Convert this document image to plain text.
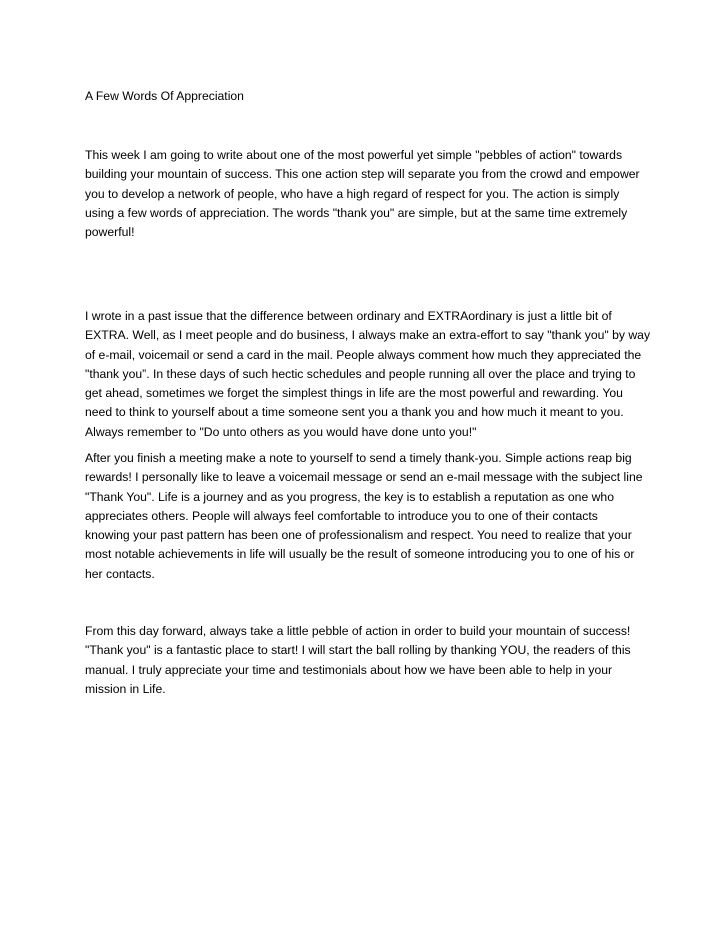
A Few Words Of Appreciation
This week I am going to write about one of the most powerful yet simple "pebbles of action" towards
building your mountain of success. This one action step will separate you from the crowd and empower
you to develop a network of people, who have a high regard of respect for you. The action is simply
using a few words of appreciation. The words "thank you" are simple, but at the same time extremely
powerful!
I wrote in a past issue that the difference between ordinary and EXTRAordinary is just a little bit of
EXTRA. Well, as I meet people and do business, I always make an extra-effort to say "thank you" by way
of e-mail, voicemail or send a card in the mail. People always comment how much they appreciated the
"thank you”. In these days of such hectic schedules and people running all over the place and trying to
get ahead, sometimes we forget the simplest things in life are the most powerful and rewarding. You
need to think to yourself about a time someone sent you a thank you and how much it meant to you.
Always remember to "Do unto others as you would have done unto you!"
After you finish a meeting make a note to yourself to send a timely thank-you. Simple actions reap big
rewards! I personally like to leave a voicemail message or send an e-mail message with the subject line
"Thank You". Life is a journey and as you progress, the key is to establish a reputation as one who
appreciates others. People will always feel comfortable to introduce you to one of their contacts
knowing your past pattern has been one of professionalism and respect. You need to realize that your
most notable achievements in life will usually be the result of someone introducing you to one of his or
her contacts.
From this day forward, always take a little pebble of action in order to build your mountain of success!
"Thank you" is a fantastic place to start! I will start the ball rolling by thanking YOU, the readers of this
manual. I truly appreciate your time and testimonials about how we have been able to help in your
mission in Life.
